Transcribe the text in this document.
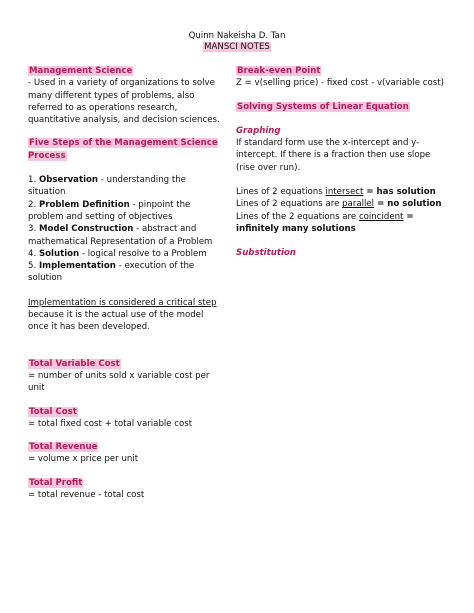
Quinn Nakeisha D. Tan
MANSCI NOTES
Management Science
- Used in a variety of organizations to solve many different types of problems, also referred to as operations research, quantitative analysis, and decision sciences.
Five Steps of the Management Science Process
1. Observation - understanding the situation
2. Problem Definition - pinpoint the problem and setting of objectives
3. Model Construction - abstract and mathematical Representation of a Problem
4. Solution - logical resolve to a Problem
5. Implementation - execution of the solution
Implementation is considered a critical step because it is the actual use of the model once it has been developed.
Total Variable Cost
= number of units sold x variable cost per unit
Total Cost
= total fixed cost + total variable cost
Total Revenue
= volume x price per unit
Total Profit
= total revenue - total cost
Break-even Point
Z = v(selling price) - fixed cost - v(variable cost)
Solving Systems of Linear Equation
Graphing
If standard form use the x-intercept and y-intercept. If there is a fraction then use slope (rise over run).
Lines of 2 equations intersect = has solution
Lines of 2 equations are parallel = no solution
Lines of the 2 equations are coincident = infinitely many solutions
Substitution
